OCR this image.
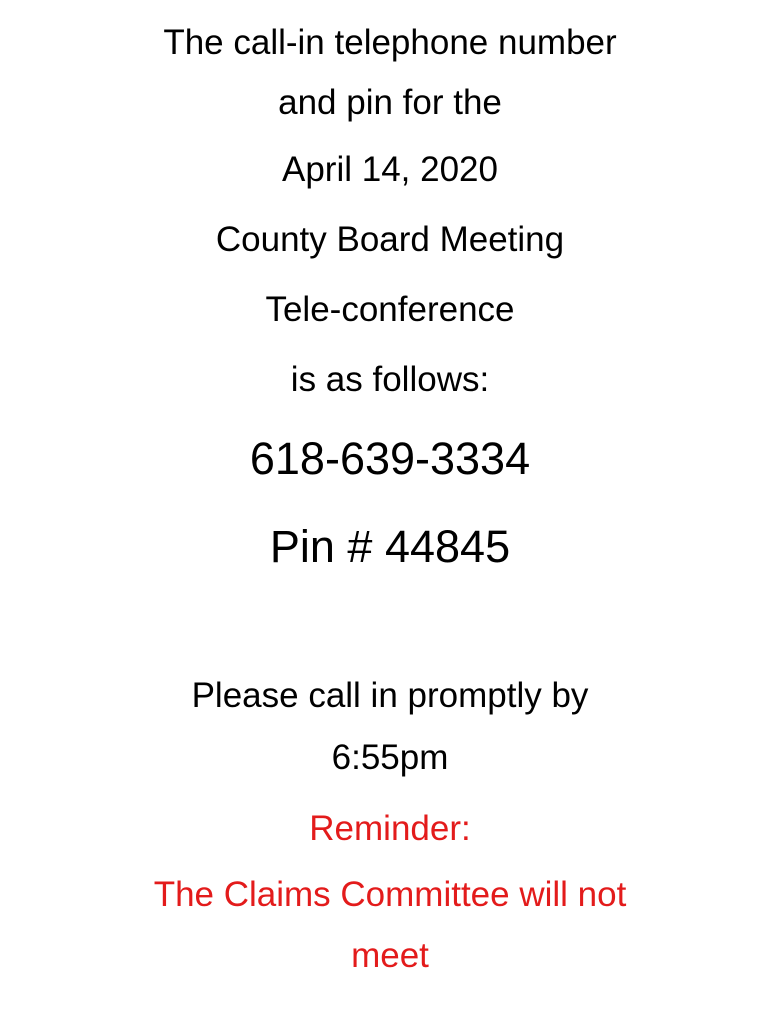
The call-in telephone number

and pin for the

April 14, 2020

County Board Meeting

Tele-conference

is as follows:

618-639-3334

Pin # 44845

Please call in promptly by

6:55pm

Reminder:

The Claims Committee will not

meet
